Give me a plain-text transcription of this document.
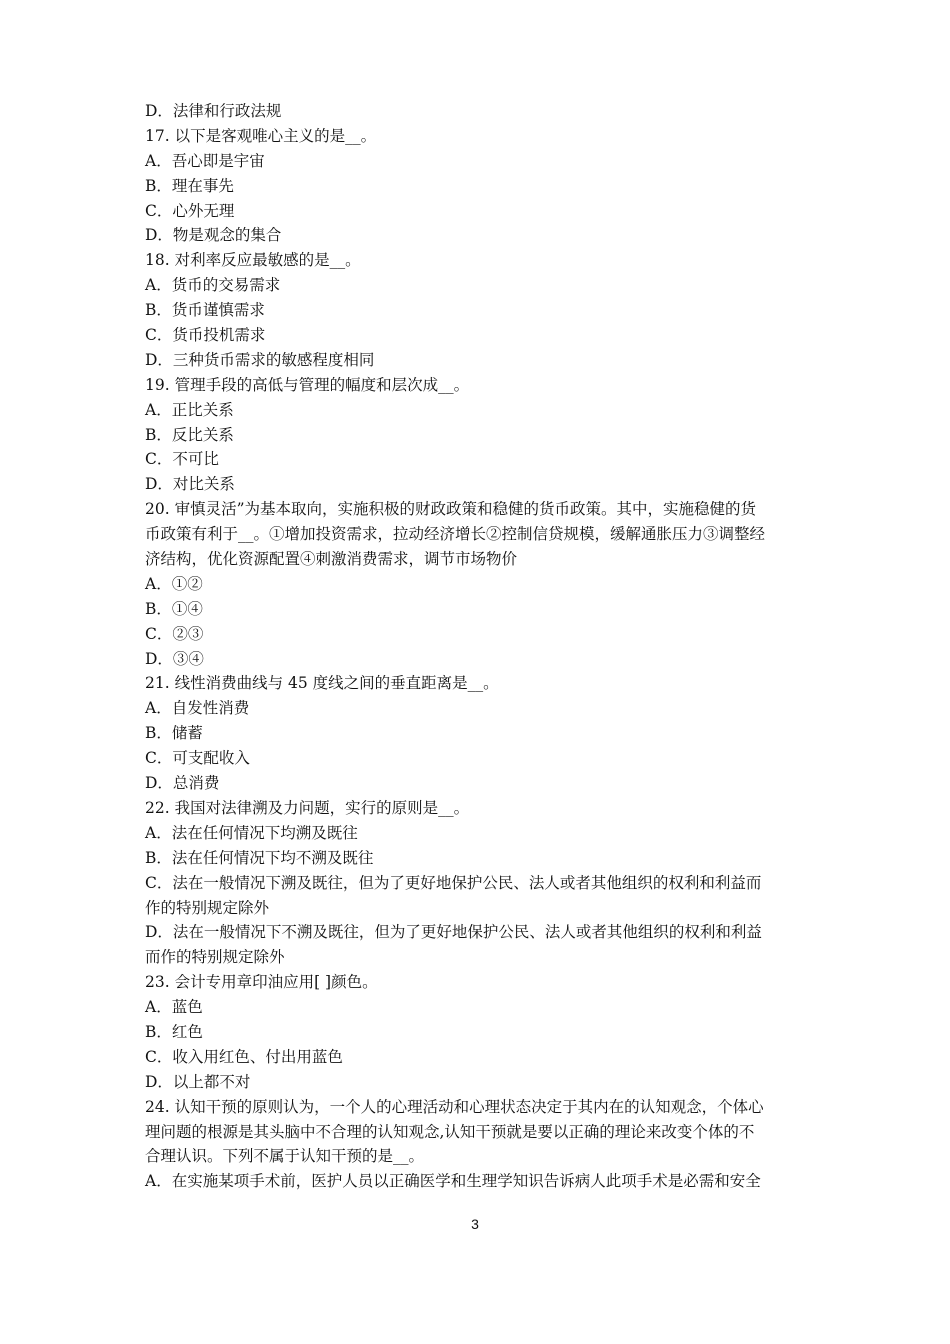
D．法律和行政法规
17. 以下是客观唯心主义的是__。
A．吾心即是宇宙
B．理在事先
C．心外无理
D．物是观念的集合
18. 对利率反应最敏感的是__。
A．货币的交易需求
B．货币谨慎需求
C．货币投机需求
D．三种货币需求的敏感程度相同
19. 管理手段的高低与管理的幅度和层次成__。
A．正比关系
B．反比关系
C．不可比
D．对比关系
20. 审慎灵活”为基本取向，实施积极的财政政策和稳健的货币政策。其中，实施稳健的货
币政策有利于__。①增加投资需求，拉动经济增长②控制信贷规模，缓解通胀压力③调整经
济结构，优化资源配置④刺激消费需求，调节市场物价
A．①②
B．①④
C．②③
D．③④
21. 线性消费曲线与 45 度线之间的垂直距离是__。
A．自发性消费
B．储蓄
C．可支配收入
D．总消费
22. 我国对法律溯及力问题，实行的原则是__。
A．法在任何情况下均溯及既往
B．法在任何情况下均不溯及既往
C．法在一般情况下溯及既往，但为了更好地保护公民、法人或者其他组织的权利和利益而
作的特别规定除外
D．法在一般情况下不溯及既往，但为了更好地保护公民、法人或者其他组织的权利和利益
而作的特别规定除外
23. 会计专用章印油应用[ ]颜色。
A．蓝色
B．红色
C．收入用红色、付出用蓝色
D．以上都不对
24. 认知干预的原则认为，一个人的心理活动和心理状态决定于其内在的认知观念，个体心
理问题的根源是其头脑中不合理的认知观念,认知干预就是要以正确的理论来改变个体的不
合理认识。下列不属于认知干预的是__。
A．在实施某项手术前，医护人员以正确医学和生理学知识告诉病人此项手术是必需和安全
3
